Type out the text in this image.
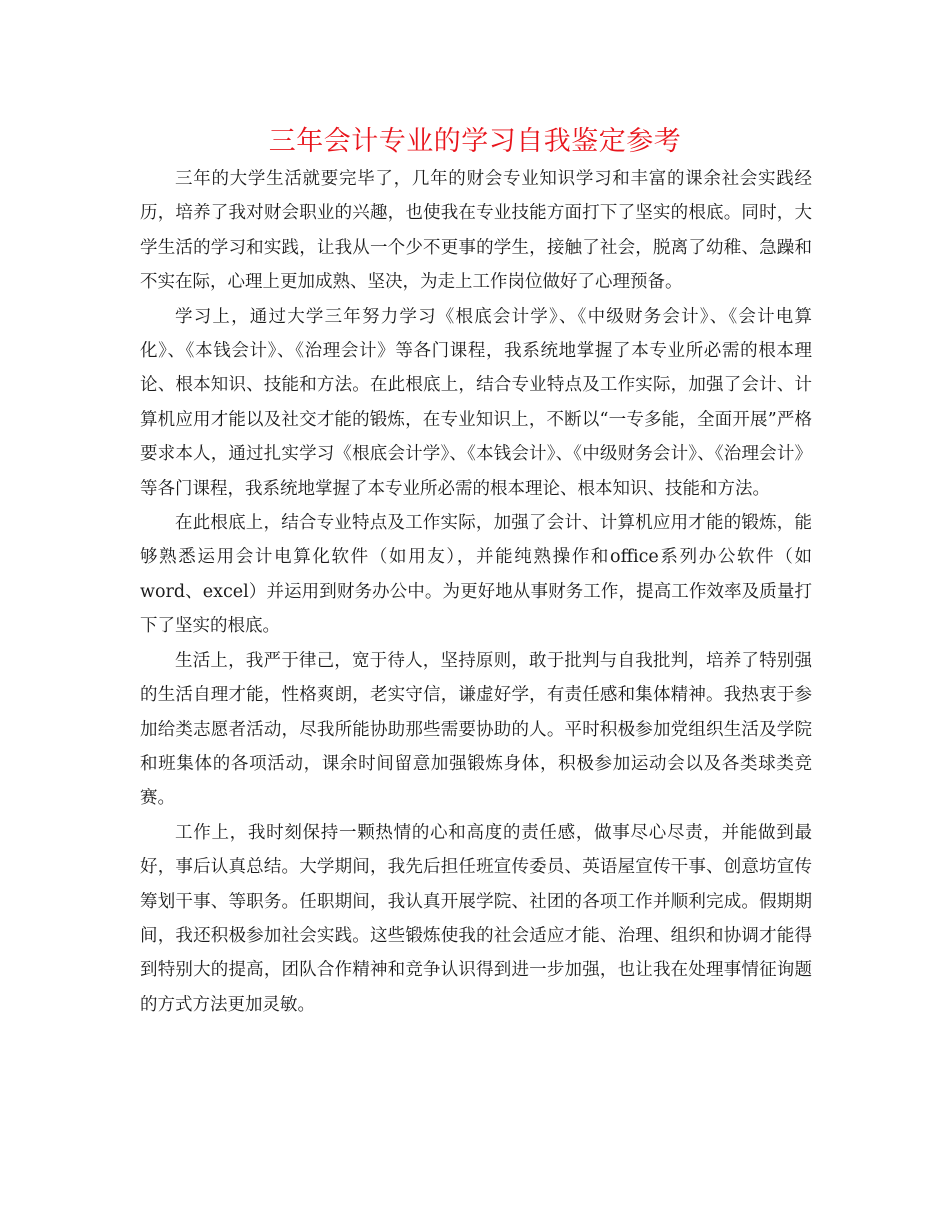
三年会计专业的学习自我鉴定参考

三年的大学生活就要完毕了，几年的财会专业知识学习和丰富的课余社会实践经历，培养了我对财会职业的兴趣，也使我在专业技能方面打下了坚实的根底。同时，大学生活的学习和实践，让我从一个少不更事的学生，接触了社会，脱离了幼稚、急躁和不实在际，心理上更加成熟、坚决，为走上工作岗位做好了心理预备。

学习上，通过大学三年努力学习《根底会计学》、《中级财务会计》、《会计电算化》、《本钱会计》、《治理会计》等各门课程，我系统地掌握了本专业所必需的根本理论、根本知识、技能和方法。在此根底上，结合专业特点及工作实际，加强了会计、计算机应用才能以及社交才能的锻炼，在专业知识上，不断以“一专多能，全面开展”严格要求本人，通过扎实学习《根底会计学》、《本钱会计》、《中级财务会计》、《治理会计》等各门课程，我系统地掌握了本专业所必需的根本理论、根本知识、技能和方法。

在此根底上，结合专业特点及工作实际，加强了会计、计算机应用才能的锻炼，能够熟悉运用会计电算化软件（如用友），并能纯熟操作和office系列办公软件（如word、excel）并运用到财务办公中。为更好地从事财务工作，提高工作效率及质量打下了坚实的根底。

生活上，我严于律己，宽于待人，坚持原则，敢于批判与自我批判，培养了特别强的生活自理才能，性格爽朗，老实守信，谦虚好学，有责任感和集体精神。我热衷于参加给类志愿者活动，尽我所能协助那些需要协助的人。平时积极参加党组织生活及学院和班集体的各项活动，课余时间留意加强锻炼身体，积极参加运动会以及各类球类竞赛。

工作上，我时刻保持一颗热情的心和高度的责任感，做事尽心尽责，并能做到最好，事后认真总结。大学期间，我先后担任班宣传委员、英语屋宣传干事、创意坊宣传筹划干事、等职务。任职期间，我认真开展学院、社团的各项工作并顺利完成。假期期间，我还积极参加社会实践。这些锻炼使我的社会适应才能、治理、组织和协调才能得到特别大的提高，团队合作精神和竞争认识得到进一步加强，也让我在处理事情征询题的方式方法更加灵敏。
